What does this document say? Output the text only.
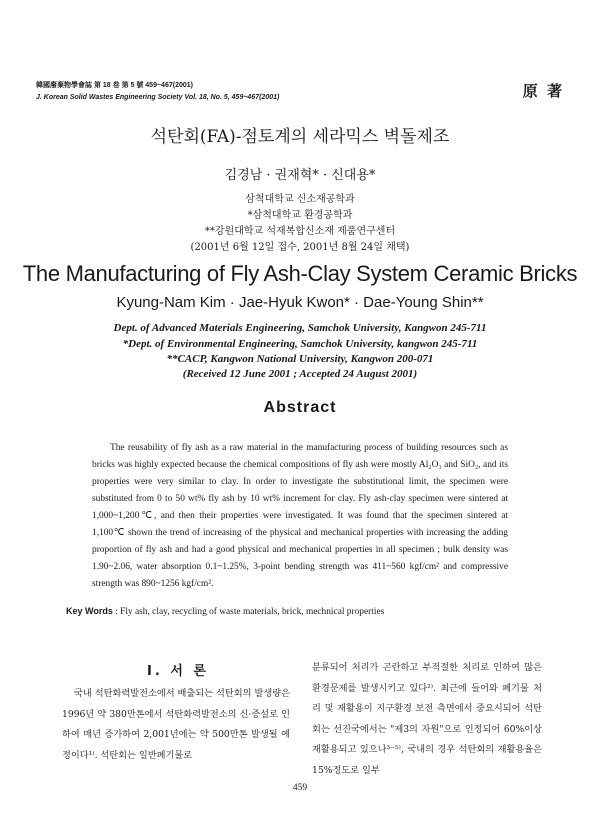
韓國廢棄物學會誌 第 18 卷 第 5 號 459~467(2001)
J. Korean Solid Wastes Engineering Society Vol. 18, No. 5, 459~467(2001)	原 著
석탄회(FA)-점토계의 세라믹스 벽돌제조
김경남 · 권재혁* · 신대용*
삼척대학교 신소재공학과
*삼척대학교 환경공학과
**강원대학교 석재복합신소재 제품연구센터
(2001년 6월 12일 접수, 2001년 8월 24일 채택)
The Manufacturing of Fly Ash-Clay System Ceramic Bricks
Kyung-Nam Kim · Jae-Hyuk Kwon* · Dae-Young Shin**
Dept. of Advanced Materials Engineering, Samchok University, Kangwon 245-711
*Dept. of Environmental Engineering, Samchok University, kangwon 245-711
**CACP, Kangwon National University, Kangwon 200-071
(Received 12 June 2001 ; Accepted 24 August 2001)
Abstract

The reusability of fly ash as a raw material in the manufacturing process of building resources such as bricks was highly expected because the chemical compositions of fly ash were mostly Al₂O₃ and SiO₂, and its properties were very similar to clay. In order to investigate the substitutional limit, the specimen were substituted from 0 to 50 wt% fly ash by 10 wt% increment for clay. Fly ash-clay specimen were sintered at 1,000~1,200℃, and then their properties were investigated. It was found that the specimen sintered at 1,100℃ shown the trend of increasing of the physical and mechanical properties with increasing the adding proportion of fly ash and had a good physical and mechanical properties in all specimen ; bulk density was 1.90~2.06, water absorption 0.1~1.25%, 3-point bending strength was 411~560 kgf/cm² and compressive strength was 890~1256 kgf/cm².

Key Words : Fly ash, clay, recycling of waste materials, brick, mechnical properties
Ⅰ. 서 론

국내 석탄화력발전소에서 배출되는 석탄회의 발생량은 1996년 약 380만톤에서 석탄화력발전소의 신·증설로 인하여 매년 증가하여 2,001년에는 약 500만톤 발생될 예정이다¹⁾. 석탄회는 일반폐기물로

분류되어 처리가 곤란하고 부적절한 처리로 인하여 많은 환경문제를 발생시키고 있다²⁾. 최근에 들어와 폐기물 처리 및 재활용이 지구환경 보전 측면에서 중요시되어 석탄회는 선진국에서는 "제3의 자원"으로 인정되어 60%이상 재활용되고 있으나³⁻⁵⁾, 국내의 경우 석탄회의 재활용율은 15%정도로 일부

459
